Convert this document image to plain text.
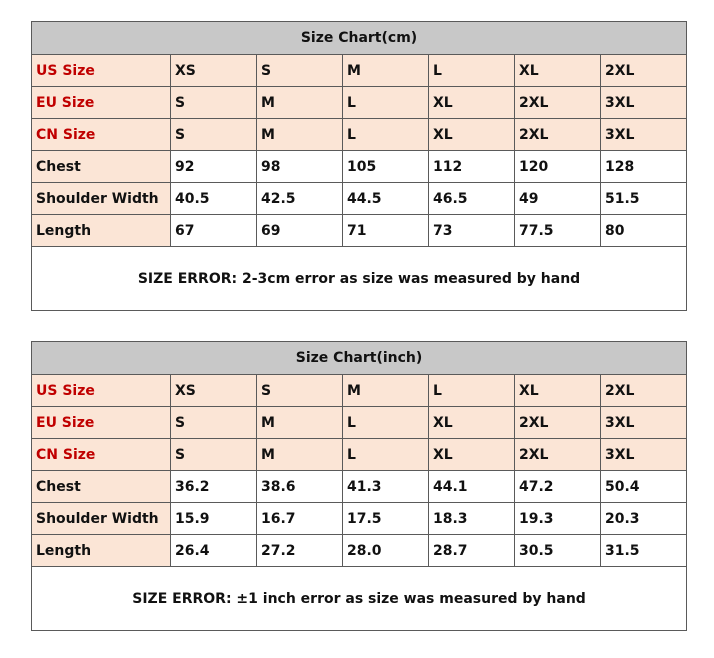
Size Chart(cm)						
US Size	XS	S	M	L	XL	2XL
EU Size	S	M	L	XL	2XL	3XL
CN Size	S	M	L	XL	2XL	3XL
Chest	92	98	105	112	120	128
Shoulder Width	40.5	42.5	44.5	46.5	49	51.5
Length	67	69	71	73	77.5	80
SIZE ERROR: 2-3cm error as size was measured by hand						
Size Chart(inch)						
US Size	XS	S	M	L	XL	2XL
EU Size	S	M	L	XL	2XL	3XL
CN Size	S	M	L	XL	2XL	3XL
Chest	36.2	38.6	41.3	44.1	47.2	50.4
Shoulder Width	15.9	16.7	17.5	18.3	19.3	20.3
Length	26.4	27.2	28.0	28.7	30.5	31.5
SIZE ERROR: ±1 inch error as size was measured by hand						
